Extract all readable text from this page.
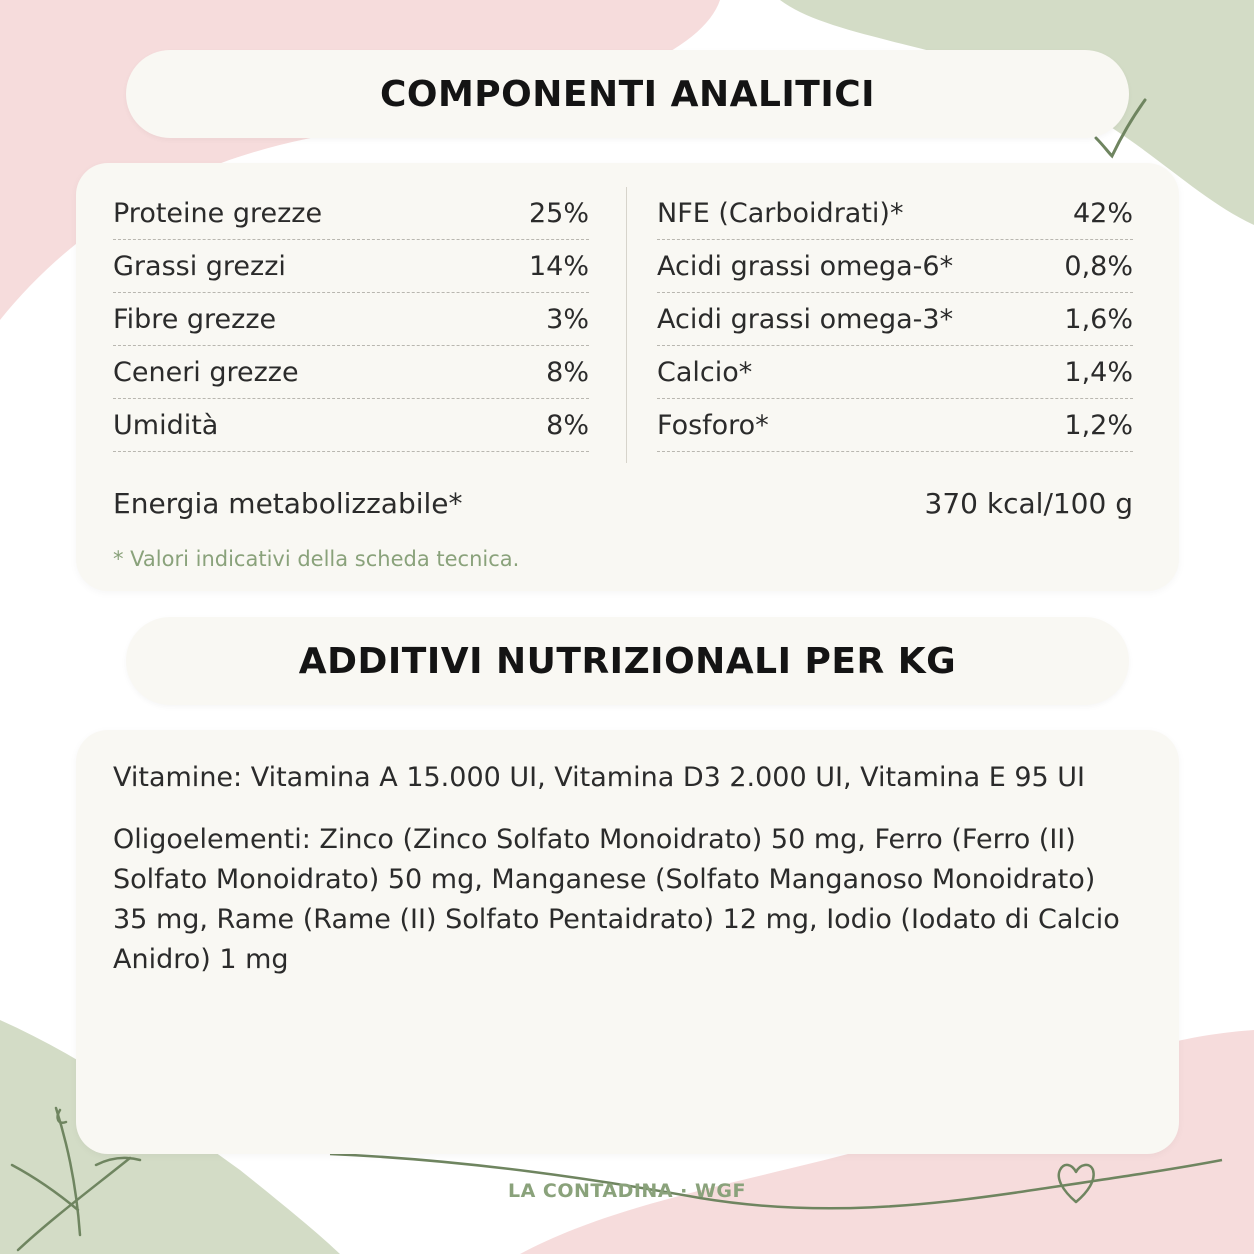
COMPONENTI ANALITICI
Proteine grezze	25%
Grassi grezzi	14%
Fibre grezze	3%
Ceneri grezze	8%
Umidità	8%
NFE (Carboidrati)*	42%
Acidi grassi omega-6*	0,8%
Acidi grassi omega-3*	1,6%
Calcio*	1,4%
Fosforo*	1,2%
Energia metabolizzabile*	370 kcal/100 g
* Valori indicativi della scheda tecnica.
ADDITIVI NUTRIZIONALI PER KG

Vitamine: Vitamina A 15.000 UI, Vitamina D3 2.000 UI, Vitamina E 95 UI

Oligoelementi: Zinco (Zinco Solfato Monoidrato) 50 mg, Ferro (Ferro (II) Solfato Monoidrato) 50 mg, Manganese (Solfato Manganoso Monoidrato) 35 mg, Rame (Rame (II) Solfato Pentaidrato) 12 mg, Iodio (Iodato di Calcio Anidro) 1 mg

LA CONTADINA · WGF
